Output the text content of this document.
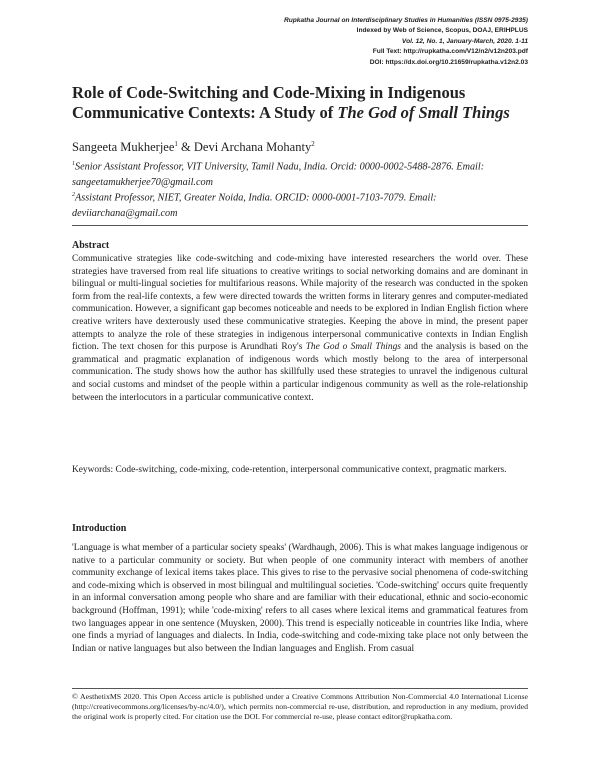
Rupkatha Journal on Interdisciplinary Studies in Humanities (ISSN 0975-2935)
Indexed by Web of Science, Scopus, DOAJ, ERIHPLUS
Vol. 12, No. 1, January-March, 2020. 1-11
Full Text: http://rupkatha.com/V12/n2/v12n203.pdf
DOI: https://dx.doi.org/10.21659/rupkatha.v12n2.03
Role of Code-Switching and Code-Mixing in Indigenous Communicative Contexts: A Study of The God of Small Things
Sangeeta Mukherjee$^1$ & Devi Archana Mohanty$^2$
$^1$Senior Assistant Professor, VIT University, Tamil Nadu, India. Orcid: 0000-0002-5488-2876. Email: sangeetamukherjee70@gmail.com
$^2$Assistant Professor, NIET, Greater Noida, India. ORCID: 0000-0001-7103-7079. Email: deviiarchana@gmail.com
Abstract
Communicative strategies like code-switching and code-mixing have interested researchers the world over. These strategies have traversed from real life situations to creative writings to social networking domains and are dominant in bilingual or multi-lingual societies for multifarious reasons. While majority of the research was conducted in the spoken form from the real-life contexts, a few were directed towards the written forms in literary genres and computer-mediated communication. However, a significant gap becomes noticeable and needs to be explored in Indian English fiction where creative writers have dexterously used these communicative strategies. Keeping the above in mind, the present paper attempts to analyze the role of these strategies in indigenous interpersonal communicative contexts in Indian English fiction. The text chosen for this purpose is Arundhati Roy's The God o Small Things and the analysis is based on the grammatical and pragmatic explanation of indigenous words which mostly belong to the area of interpersonal communication. The study shows how the author has skillfully used these strategies to unravel the indigenous cultural and social customs and mindset of the people within a particular indigenous community as well as the role-relationship between the interlocutors in a particular communicative context.
Keywords: Code-switching, code-mixing, code-retention, interpersonal communicative context, pragmatic markers.
Introduction
'Language is what member of a particular society speaks' (Wardhaugh, 2006). This is what makes language indigenous or native to a particular community or society. But when people of one community interact with members of another community exchange of lexical items takes place. This gives to rise to the pervasive social phenomena of code-switching and code-mixing which is observed in most bilingual and multilingual societies. 'Code-switching' occurs quite frequently in an informal conversation among people who share and are familiar with their educational, ethnic and socio-economic background (Hoffman, 1991); while 'code-mixing' refers to all cases where lexical items and grammatical features from two languages appear in one sentence (Muysken, 2000). This trend is especially noticeable in countries like India, where one finds a myriad of languages and dialects. In India, code-switching and code-mixing take place not only between the Indian or native languages but also between the Indian languages and English. From casual
© AesthetixMS 2020. This Open Access article is published under a Creative Commons Attribution Non-Commercial 4.0 International License (http://creativecommons.org/licenses/by-nc/4.0/), which permits non-commercial re-use, distribution, and reproduction in any medium, provided the original work is properly cited. For citation use the DOI. For commercial re-use, please contact editor@rupkatha.com.
